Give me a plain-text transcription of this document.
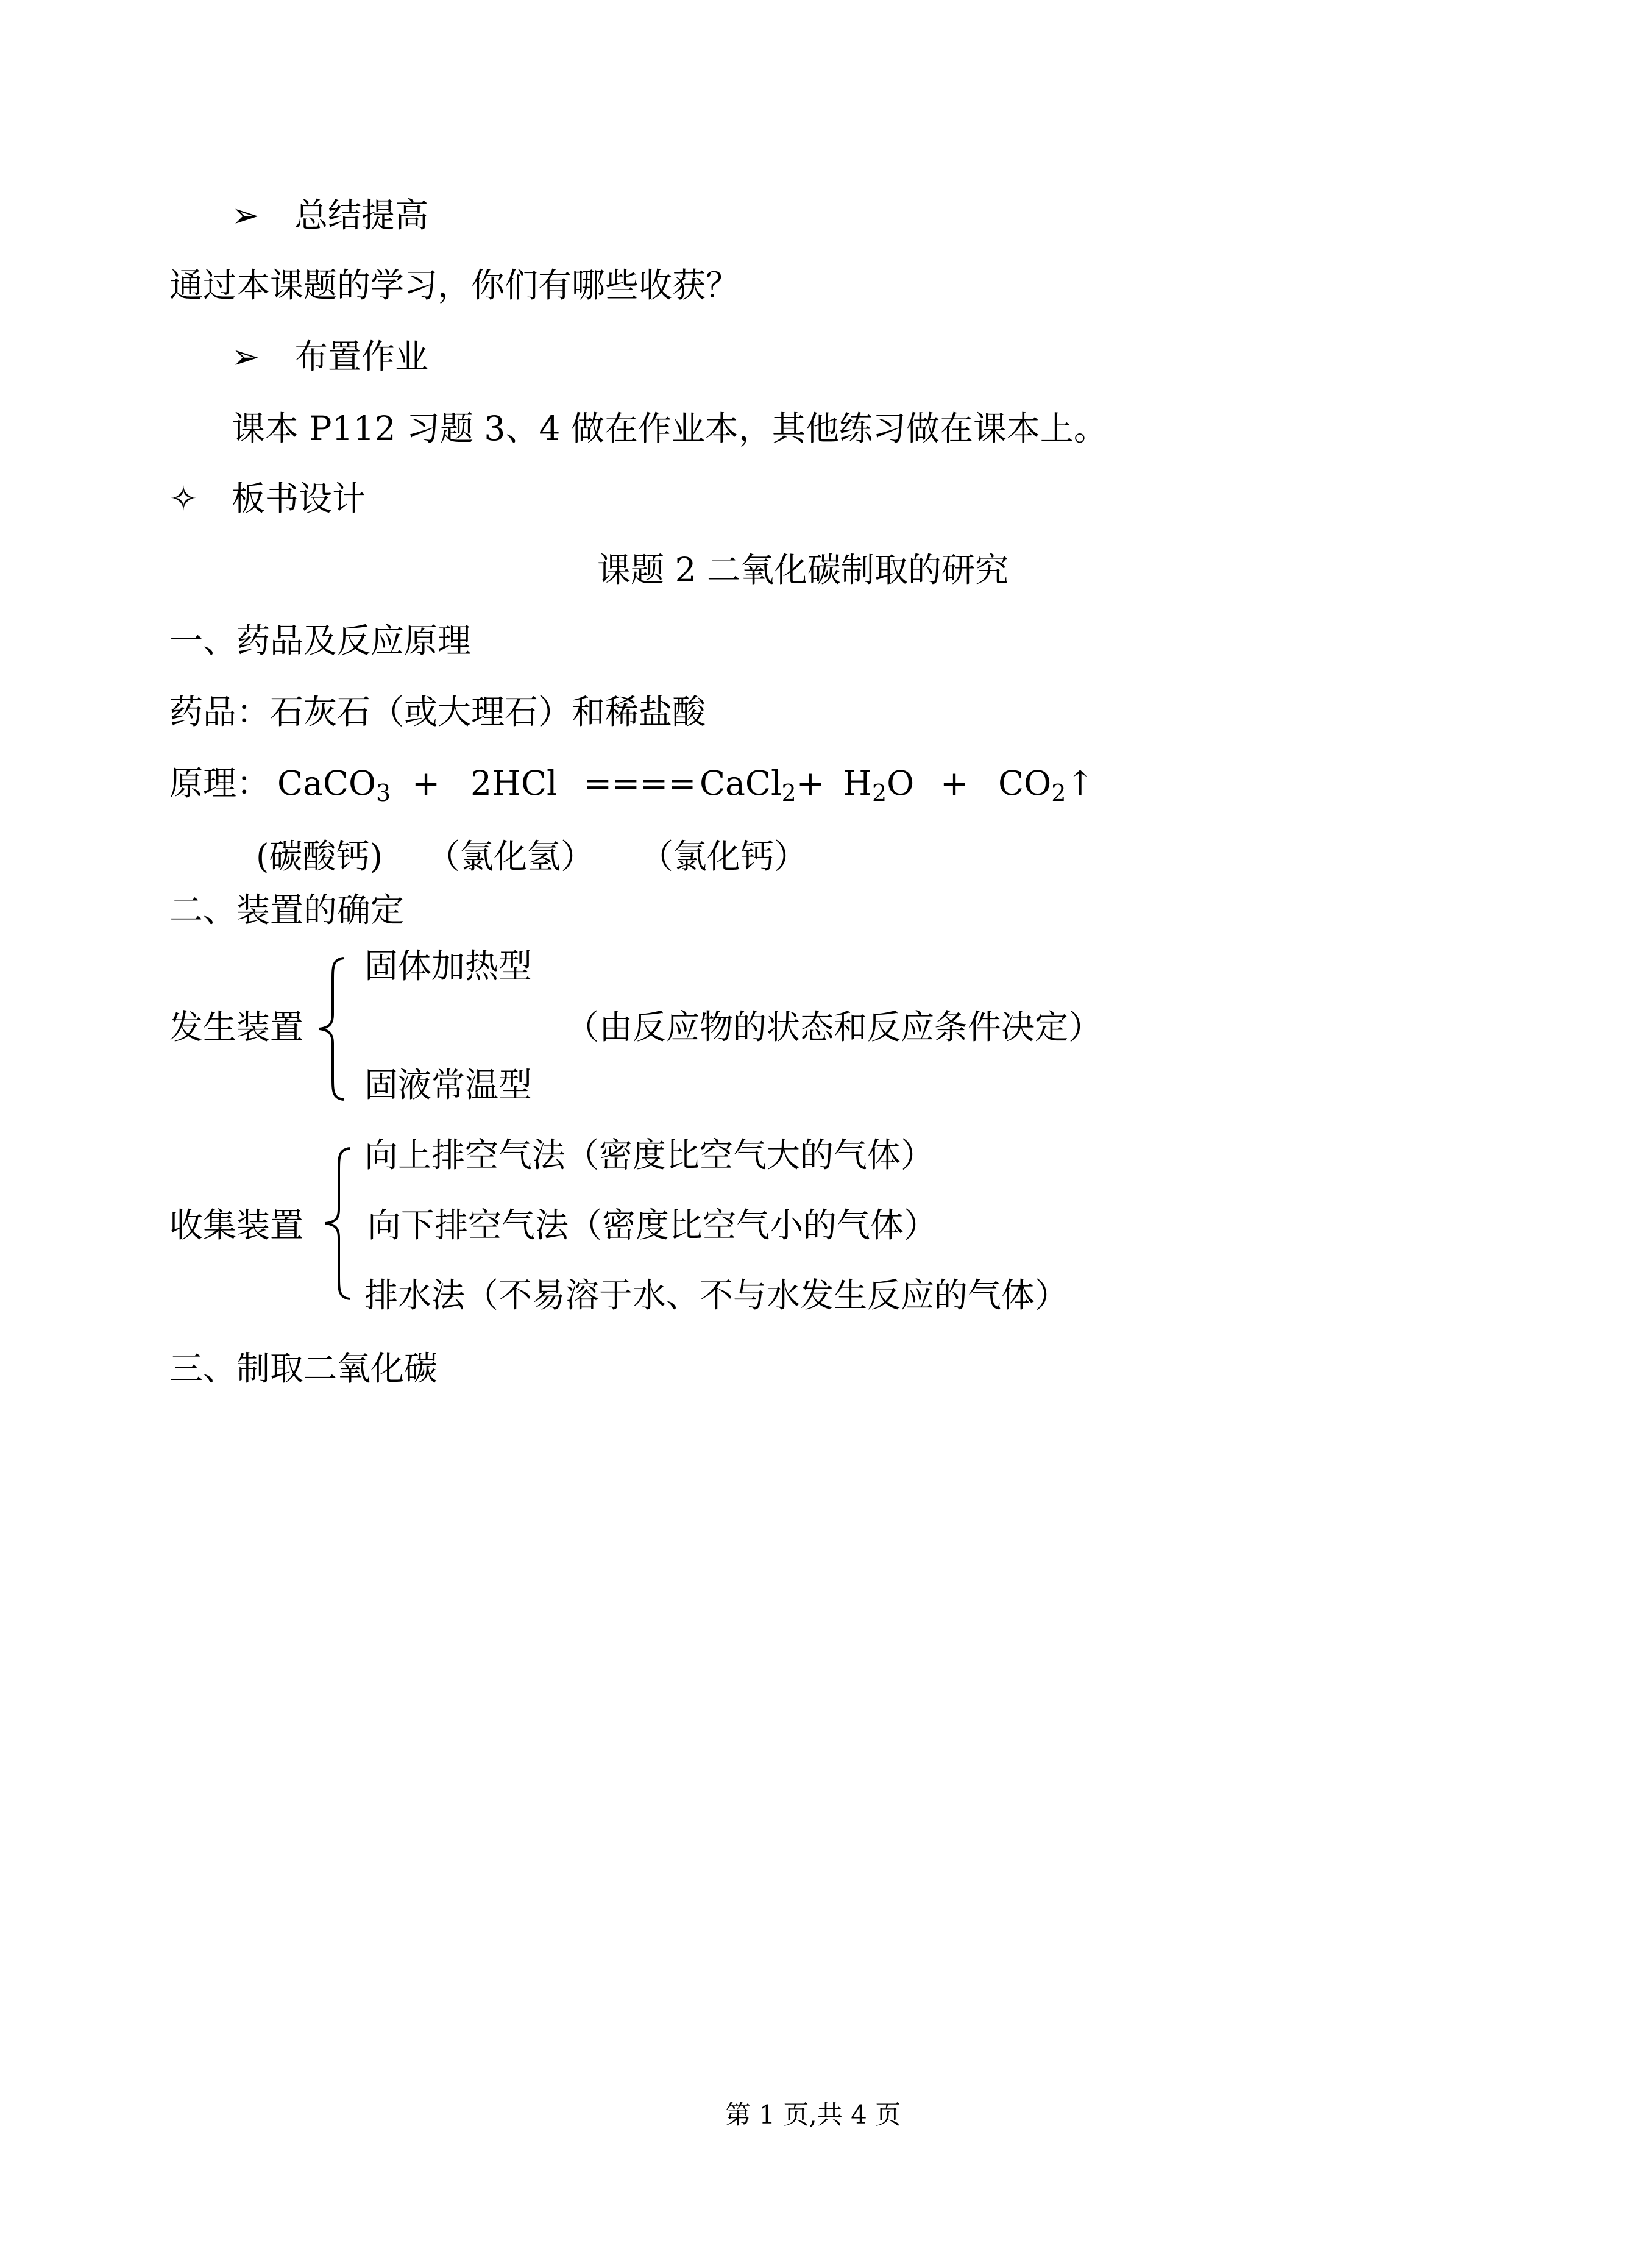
➢ 总结提高
通过本课题的学习，你们有哪些收获？
➢ 布置作业
课本 P112 习题 3、4 做在作业本，其他练习做在课本上。
✧ 板书设计
课题 2 二氧化碳制取的研究
一、药品及反应原理
药品：石灰石（或大理石）和稀盐酸
原理： CaCO$_3$ + 2HCl ==== CaCl$_2$+ $H_2O$ + $CO_2↑$
(碳酸钙) （氯化氢） （氯化钙）
二、装置的确定
发生装置
固体加热型
（由反应物的状态和反应条件决定）
固液常温型
收集装置
向上排空气法（密度比空气大的气体）
向下排空气法（密度比空气小的气体）
排水法（不易溶于水、不与水发生反应的气体）
三、制取二氧化碳
第 1 页,共 4 页
